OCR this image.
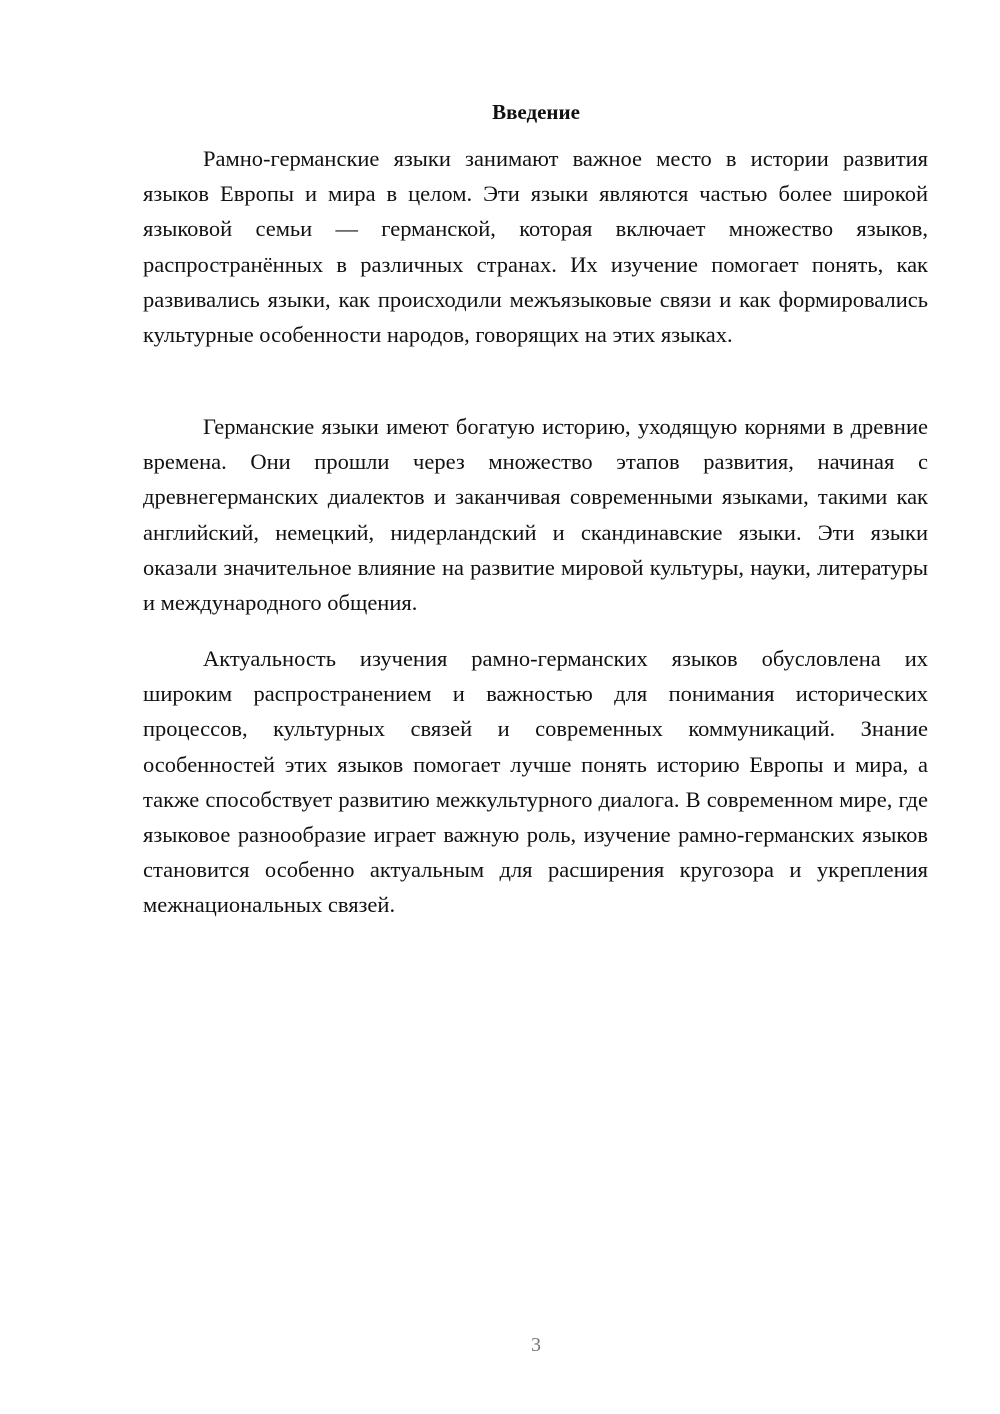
Введение

Рамно-германские языки занимают важное место в истории развития языков Европы и мира в целом. Эти языки являются частью более широкой языковой семьи — германской, которая включает множество языков, распространённых в различных странах. Их изучение помогает понять, как развивались языки, как происходили межъязыковые связи и как формировались культурные особенности народов, говорящих на этих языках.

Германские языки имеют богатую историю, уходящую корнями в древние времена. Они прошли через множество этапов развития, начиная с древнегерманских диалектов и заканчивая современными языками, такими как английский, немецкий, нидерландский и скандинавские языки. Эти языки оказали значительное влияние на развитие мировой культуры, науки, литературы и международного общения.

Актуальность изучения рамно-германских языков обусловлена их широким распространением и важностью для понимания исторических процессов, культурных связей и современных коммуникаций. Знание особенностей этих языков помогает лучше понять историю Европы и мира, а также способствует развитию межкультурного диалога. В современном мире, где языковое разнообразие играет важную роль, изучение рамно-германских языков становится особенно актуальным для расширения кругозора и укрепления межнациональных связей.

3
